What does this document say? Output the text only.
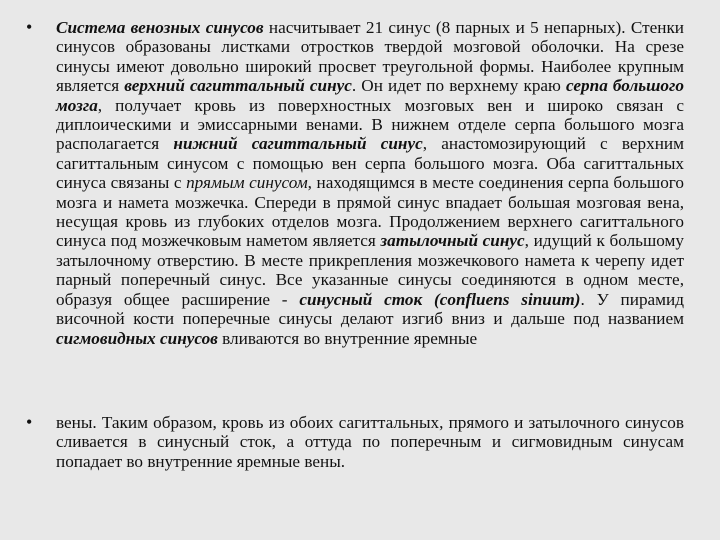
• Система венозных синусов насчитывает 21 синус (8 парных и 5 непарных). Стенки синусов образованы листками отростков твердой мозговой оболочки. На срезе синусы имеют довольно широкий просвет треугольной формы. Наиболее крупным является верхний сагиттальный синус. Он идет по верхнему краю серпа большого мозга, получает кровь из поверхностных мозговых вен и широко связан с диплоическими и эмиссарными венами. В нижнем отделе серпа большого мозга располагается нижний сагиттальный синус, анастомозирующий с верхним сагиттальным синусом с помощью вен серпа большого мозга. Оба сагиттальных синуса связаны с прямым синусом, находящимся в месте соединения серпа большого мозга и намета мозжечка. Спереди в прямой синус впадает большая мозговая вена, несущая кровь из глубоких отделов мозга. Продолжением верхнего сагиттального синуса под мозжечковым наметом является затылочный синус, идущий к большому затылочному отверстию. В месте прикрепления мозжечкового намета к черепу идет парный поперечный синус. Все указанные синусы соединяются в одном месте, образуя общее расширение - синусный сток (confluens sinuum). У пирамид височной кости поперечные синусы делают изгиб вниз и дальше под названием сигмовидных синусов вливаются во внутренние яремные
• вены. Таким образом, кровь из обоих сагиттальных, прямого и затылочного синусов сливается в синусный сток, а оттуда по поперечным и сигмовидным синусам попадает во внутренние яремные вены.
